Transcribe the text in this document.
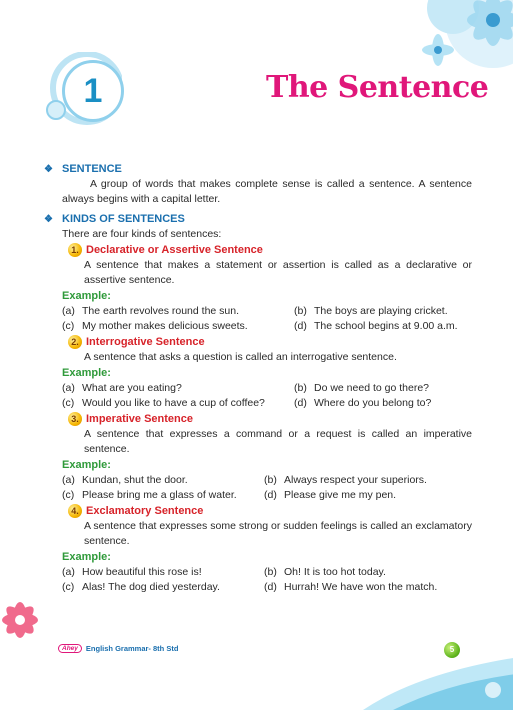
1	The Sentence
❖ SENTENCE
A group of words that makes complete sense is called a sentence. A sentence always begins with a capital letter.
❖ KINDS OF SENTENCES
There are four kinds of sentences:
1. Declarative or Assertive Sentence
A sentence that makes a statement or assertion is called as a declarative or assertive sentence.
Example:
(a) The earth revolves round the sun.	(b) The boys are playing cricket.
(c) My mother makes delicious sweets.	(d) The school begins at 9.00 a.m.
2. Interrogative Sentence
A sentence that asks a question is called an interrogative sentence.
Example:
(a) What are you eating?	(b) Do we need to go there?
(c) Would you like to have a cup of coffee?	(d) Where do you belong to?
3. Imperative Sentence
A sentence that expresses a command or a request is called an imperative sentence.
Example:
(a) Kundan, shut the door.	(b) Always respect your superiors.
(c) Please bring me a glass of water.	(d) Please give me my pen.
4. Exclamatory Sentence
A sentence that expresses some strong or sudden feelings is called an exclamatory sentence.
Example:
(a) How beautiful this rose is!	(b) Oh! It is too hot today.
(c) Alas! The dog died yesterday.	(d) Hurrah! We have won the match.
Ahey	English Grammar- 8th Std	5
